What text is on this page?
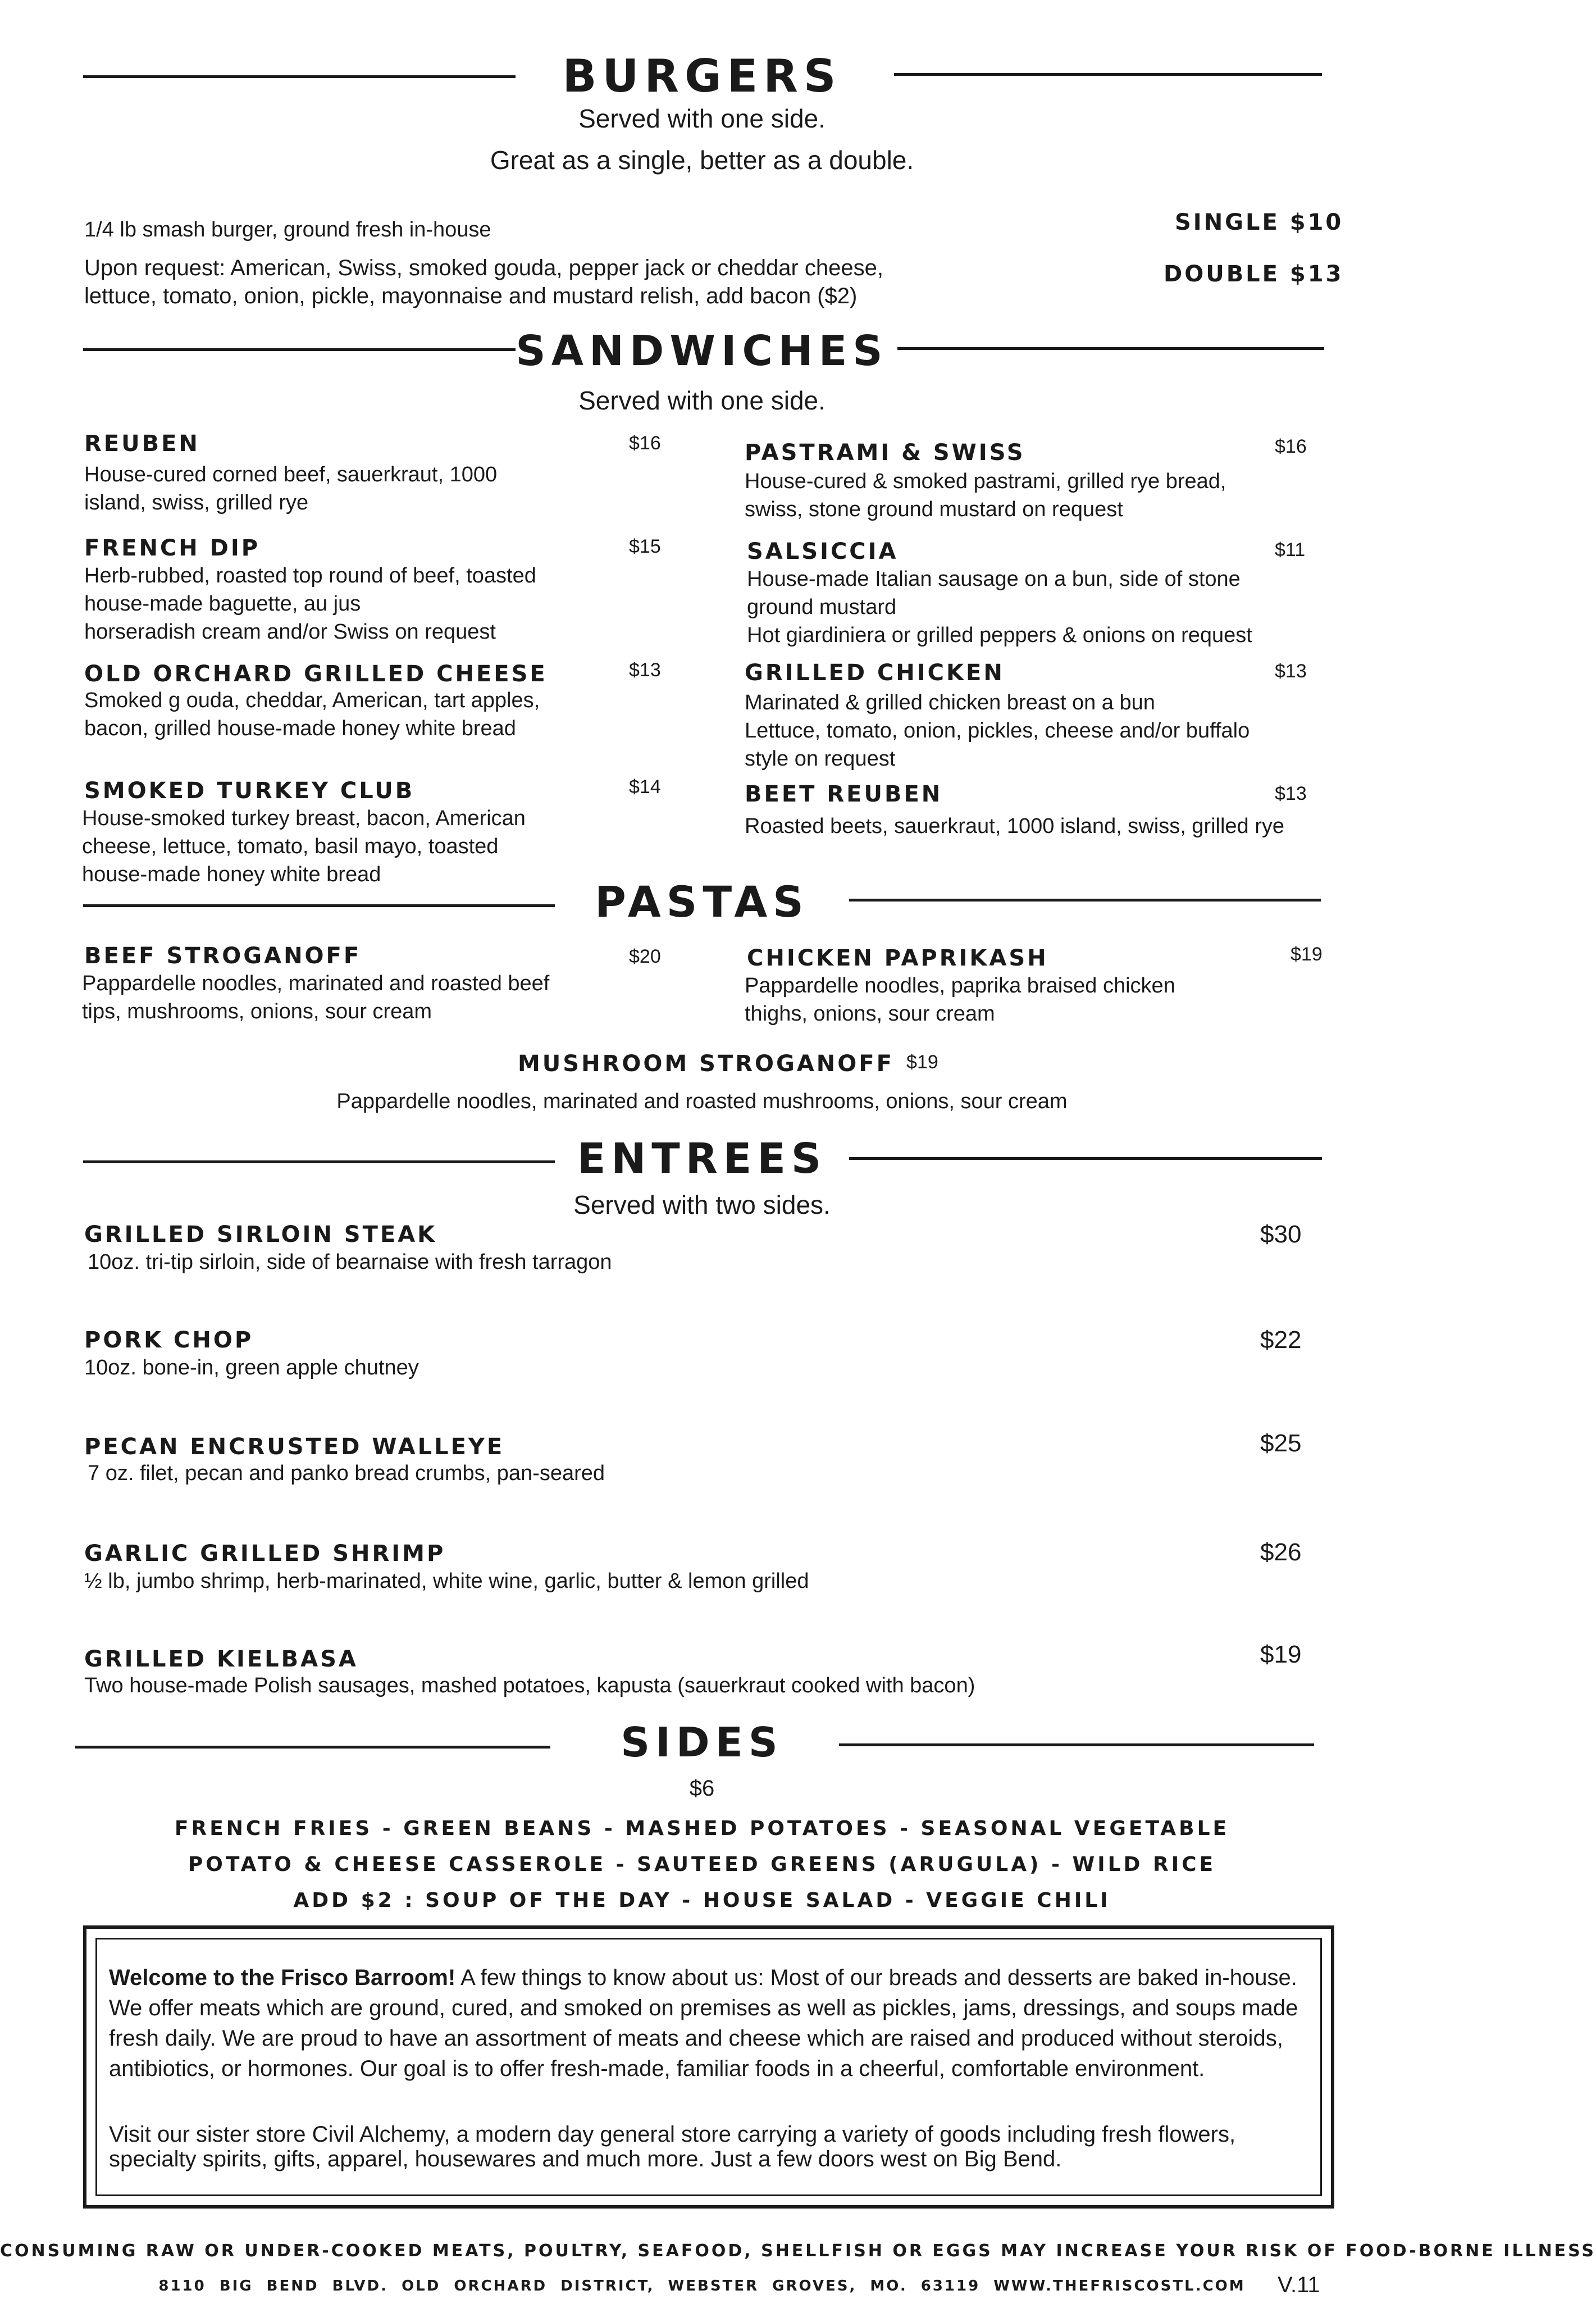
BURGERS
Served with one side.
Great as a single, better as a double.
1/4 lb smash burger, ground fresh in-house
Upon request: American, Swiss, smoked gouda, pepper jack or cheddar cheese,
lettuce, tomato, onion, pickle, mayonnaise and mustard relish, add bacon ($2)
SINGLE $10
DOUBLE $13
SANDWICHES
Served with one side.
REUBEN	$16
House-cured corned beef, sauerkraut, 1000
island, swiss, grilled rye
FRENCH DIP	$15
Herb-rubbed, roasted top round of beef, toasted
house-made baguette, au jus
horseradish cream and/or Swiss on request
OLD ORCHARD GRILLED CHEESE	$13
Smoked g ouda, cheddar, American, tart apples,
bacon, grilled house-made honey white bread
SMOKED TURKEY CLUB	$14
House-smoked turkey breast, bacon, American
cheese, lettuce, tomato, basil mayo, toasted
house-made honey white bread
PASTRAMI & SWISS	$16
House-cured & smoked pastrami, grilled rye bread,
swiss, stone ground mustard on request
SALSICCIA	$11
House-made Italian sausage on a bun, side of stone
ground mustard
Hot giardiniera or grilled peppers & onions on request
GRILLED CHICKEN	$13
Marinated & grilled chicken breast on a bun
Lettuce, tomato, onion, pickles, cheese and/or buffalo
style on request
BEET REUBEN	$13
Roasted beets, sauerkraut, 1000 island, swiss, grilled rye
PASTAS
BEEF STROGANOFF	$20
Pappardelle noodles, marinated and roasted beef
tips, mushrooms, onions, sour cream
CHICKEN PAPRIKASH	$19
Pappardelle noodles, paprika braised chicken
thighs, onions, sour cream
MUSHROOM STROGANOFF $19
Pappardelle noodles, marinated and roasted mushrooms, onions, sour cream
ENTREES
Served with two sides.
GRILLED SIRLOIN STEAK	$30
10oz. tri-tip sirloin, side of bearnaise with fresh tarragon
PORK CHOP	$22
10oz. bone-in, green apple chutney
PECAN ENCRUSTED WALLEYE	$25
7 oz. filet, pecan and panko bread crumbs, pan-seared
GARLIC GRILLED SHRIMP	$26
½ lb, jumbo shrimp, herb-marinated, white wine, garlic, butter & lemon grilled
GRILLED KIELBASA	$19
Two house-made Polish sausages, mashed potatoes, kapusta (sauerkraut cooked with bacon)
SIDES
$6
FRENCH FRIES - GREEN BEANS - MASHED POTATOES - SEASONAL VEGETABLE
POTATO & CHEESE CASSEROLE - SAUTEED GREENS (ARUGULA) - WILD RICE
ADD $2 : SOUP OF THE DAY - HOUSE SALAD - VEGGIE CHILI
Welcome to the Frisco Barroom! A few things to know about us: Most of our breads and desserts are baked in-house. We offer meats which are ground, cured, and smoked on premises as well as pickles, jams, dressings, and soups made fresh daily. We are proud to have an assortment of meats and cheese which are raised and produced without steroids, antibiotics, or hormones. Our goal is to offer fresh-made, familiar foods in a cheerful, comfortable environment.
Visit our sister store Civil Alchemy, a modern day general store carrying a variety of goods including fresh flowers, specialty spirits, gifts, apparel, housewares and much more. Just a few doors west on Big Bend.
CONSUMING RAW OR UNDER-COOKED MEATS, POULTRY, SEAFOOD, SHELLFISH OR EGGS MAY INCREASE YOUR RISK OF FOOD-BORNE ILLNESS
8110 BIG BEND BLVD. OLD ORCHARD DISTRICT, WEBSTER GROVES, MO. 63119 WWW.THEFRISCOSTL.COM	V.11
